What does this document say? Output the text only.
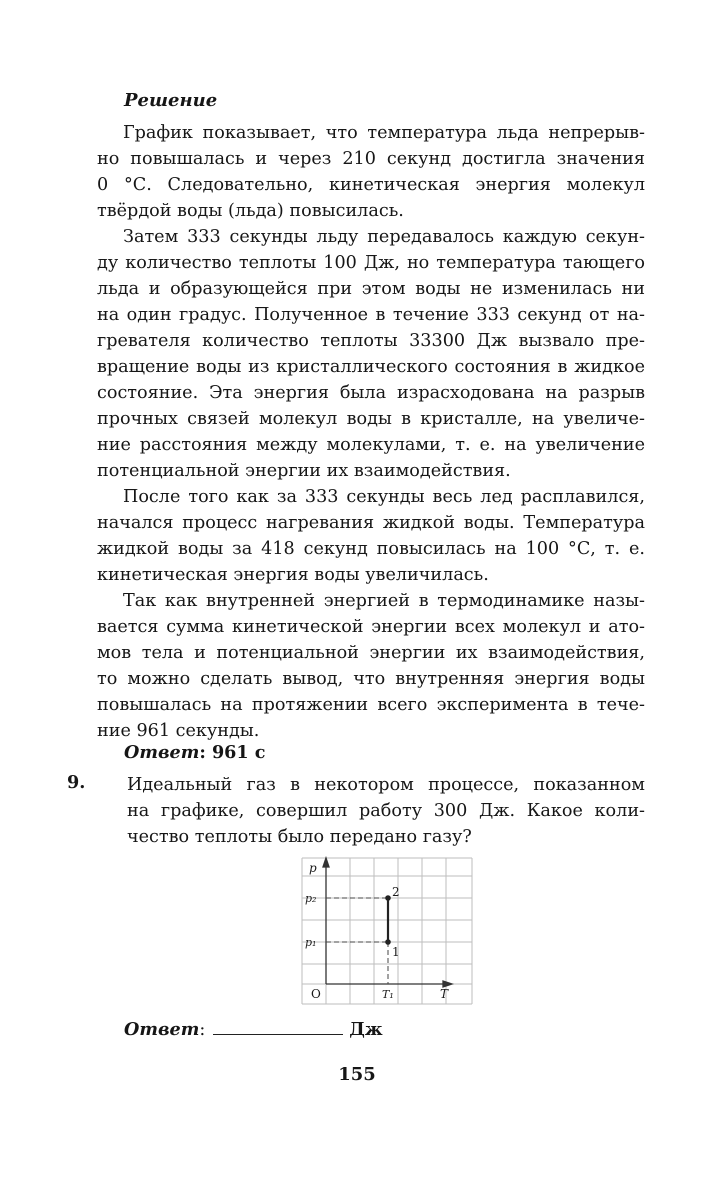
Решение

График показывает, что температура льда непрерыв-
но повышалась и через 210 секунд достигла значения
0 °С. Следовательно, кинетическая энергия молекул
твёрдой воды (льда) повысилась.
Затем 333 секунды льду передавалось каждую секун-
ду количество теплоты 100 Дж, но температура тающего
льда и образующейся при этом воды не изменилась ни
на один градус. Полученное в течение 333 секунд от на-
гревателя количество теплоты 33300 Дж вызвало пре-
вращение воды из кристаллического состояния в жидкое
состояние. Эта энергия была израсходована на разрыв
прочных связей молекул воды в кристалле, на увеличе-
ние расстояния между молекулами, т. е. на увеличение
потенциальной энергии их взаимодействия.
После того как за 333 секунды весь лед расплавился,
начался процесс нагревания жидкой воды. Температура
жидкой воды за 418 секунд повысилась на 100 °С, т. е.
кинетическая энергия воды увеличилась.
Так как внутренней энергией в термодинамике назы-
вается сумма кинетической энергии всех молекул и ато-
мов тела и потенциальной энергии их взаимодействия,
то можно сделать вывод, что внутренняя энергия воды
повышалась на протяжении всего эксперимента в тече-
ние 961 секунды.
Ответ: 961 с
9. Идеальный газ в некотором процессе, показанном
на графике, совершил работу 300 Дж. Какое коли-
чество теплоты было передано газу?
p
p₂
p₁
2
1
O	T₁	T
Ответ:	Дж
155
